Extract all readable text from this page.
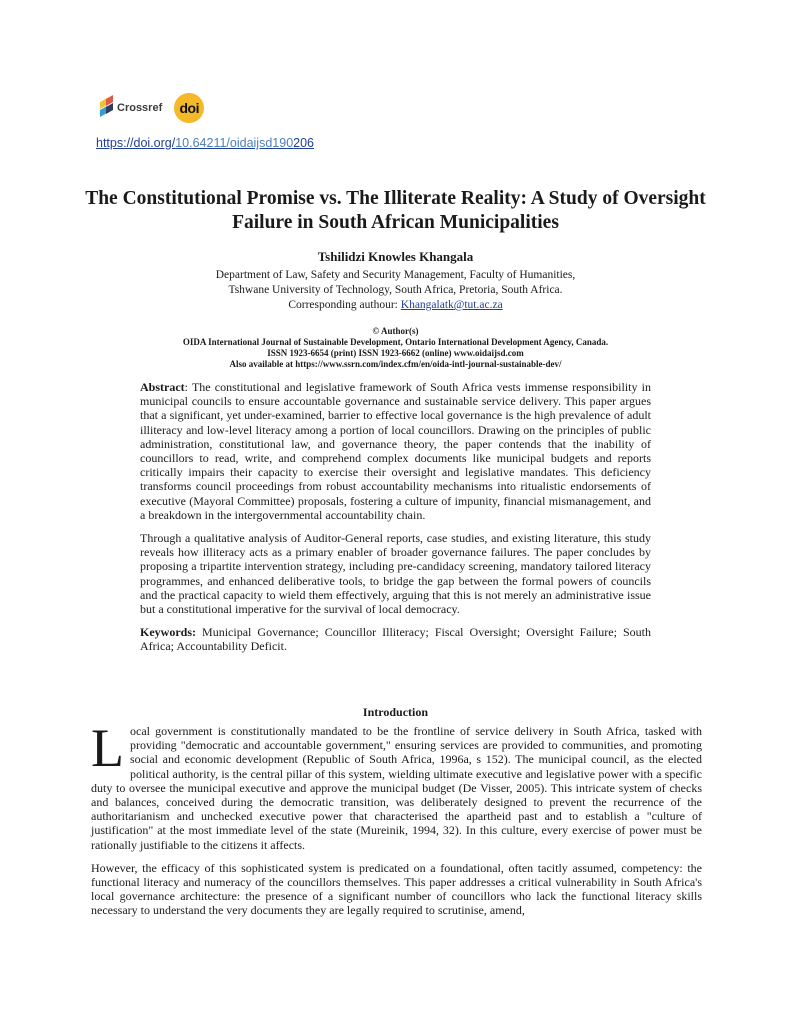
Crossref doi
https://doi.org/10.64211/oidaijsd190206
The Constitutional Promise vs. The Illiterate Reality: A Study of Oversight Failure in South African Municipalities
Tshilidzi Knowles Khangala
Department of Law, Safety and Security Management, Faculty of Humanities,
Tshwane University of Technology, South Africa, Pretoria, South Africa.
Corresponding authour: Khangalatk@tut.ac.za
© Author(s)
OIDA International Journal of Sustainable Development, Ontario International Development Agency, Canada.
ISSN 1923-6654 (print) ISSN 1923-6662 (online) www.oidaijsd.com
Also available at https://www.ssrn.com/index.cfm/en/oida-intl-journal-sustainable-dev/

Abstract: The constitutional and legislative framework of South Africa vests immense responsibility in municipal councils to ensure accountable governance and sustainable service delivery. This paper argues that a significant, yet under-examined, barrier to effective local governance is the high prevalence of adult illiteracy and low-level literacy among a portion of local councillors. Drawing on the principles of public administration, constitutional law, and governance theory, the paper contends that the inability of councillors to read, write, and comprehend complex documents like municipal budgets and reports critically impairs their capacity to exercise their oversight and legislative mandates. This deficiency transforms council proceedings from robust accountability mechanisms into ritualistic endorsements of executive (Mayoral Committee) proposals, fostering a culture of impunity, financial mismanagement, and a breakdown in the intergovernmental accountability chain.

Through a qualitative analysis of Auditor-General reports, case studies, and existing literature, this study reveals how illiteracy acts as a primary enabler of broader governance failures. The paper concludes by proposing a tripartite intervention strategy, including pre-candidacy screening, mandatory tailored literacy programmes, and enhanced deliberative tools, to bridge the gap between the formal powers of councils and the practical capacity to wield them effectively, arguing that this is not merely an administrative issue but a constitutional imperative for the survival of local democracy.

Keywords: Municipal Governance; Councillor Illiteracy; Fiscal Oversight; Oversight Failure; South Africa; Accountability Deficit.

Introduction

Local government is constitutionally mandated to be the frontline of service delivery in South Africa, tasked with providing "democratic and accountable government," ensuring services are provided to communities, and promoting social and economic development (Republic of South Africa, 1996a, s 152). The municipal council, as the elected political authority, is the central pillar of this system, wielding ultimate executive and legislative power with a specific duty to oversee the municipal executive and approve the municipal budget (De Visser, 2005). This intricate system of checks and balances, conceived during the democratic transition, was deliberately designed to prevent the recurrence of the authoritarianism and unchecked executive power that characterised the apartheid past and to establish a "culture of justification" at the most immediate level of the state (Mureinik, 1994, 32). In this culture, every exercise of power must be rationally justifiable to the citizens it affects.

However, the efficacy of this sophisticated system is predicated on a foundational, often tacitly assumed, competency: the functional literacy and numeracy of the councillors themselves. This paper addresses a critical vulnerability in South Africa's local governance architecture: the presence of a significant number of councillors who lack the functional literacy skills necessary to understand the very documents they are legally required to scrutinise, amend,
